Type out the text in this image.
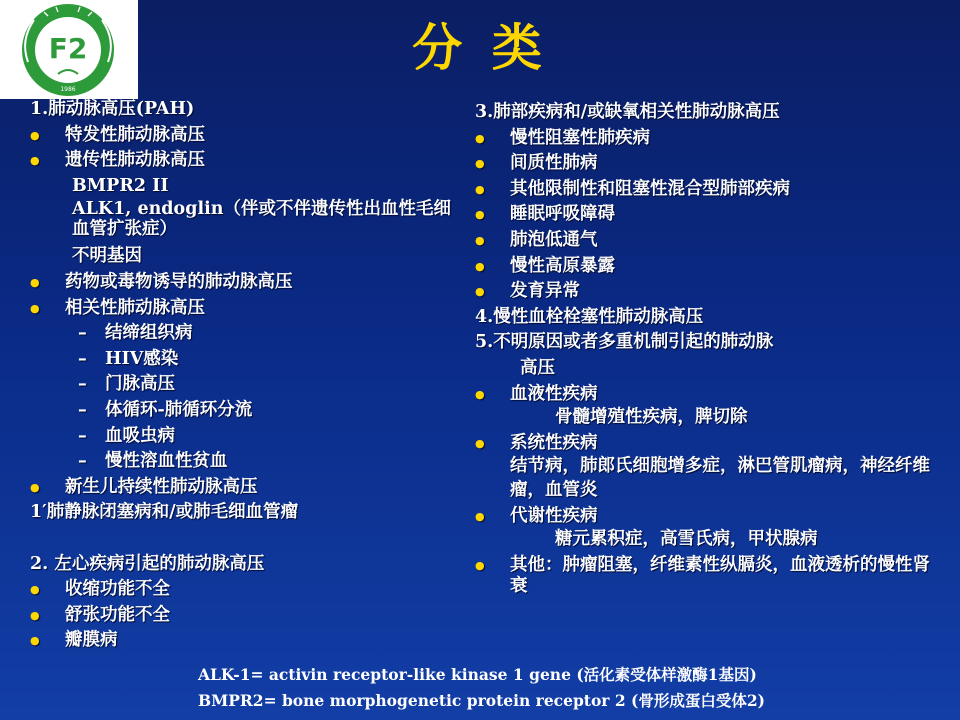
F2
1986
分 类
1.肺动脉高压(PAH)
● 特发性肺动脉高压
● 遗传性肺动脉高压
BMPR2 II
ALK1, endoglin（伴或不伴遗传性出血性毛细血管扩张症）
不明基因
● 药物或毒物诱导的肺动脉高压
● 相关性肺动脉高压
– 结缔组织病
– HIV感染
– 门脉高压
– 体循环-肺循环分流
– 血吸虫病
– 慢性溶血性贫血
● 新生儿持续性肺动脉高压
1′肺静脉闭塞病和/或肺毛细血管瘤
2. 左心疾病引起的肺动脉高压
● 收缩功能不全
● 舒张功能不全
● 瓣膜病
3.肺部疾病和/或缺氧相关性肺动脉高压
● 慢性阻塞性肺疾病
● 间质性肺病
● 其他限制性和阻塞性混合型肺部疾病
● 睡眠呼吸障碍
● 肺泡低通气
● 慢性高原暴露
● 发育异常
4.慢性血栓栓塞性肺动脉高压
5.不明原因或者多重机制引起的肺动脉
高压
● 血液性疾病
骨髓增殖性疾病，脾切除
● 系统性疾病
结节病，肺郎氏细胞增多症，淋巴管肌瘤病，神经纤维瘤，血管炎
● 代谢性疾病
糖元累积症，高雪氏病，甲状腺病
● 其他：肿瘤阻塞，纤维素性纵膈炎，血液透析的慢性肾衰
ALK-1= activin receptor-like kinase 1 gene (活化素受体样激酶1基因)
BMPR2= bone morphogenetic protein receptor 2 (骨形成蛋白受体2)
